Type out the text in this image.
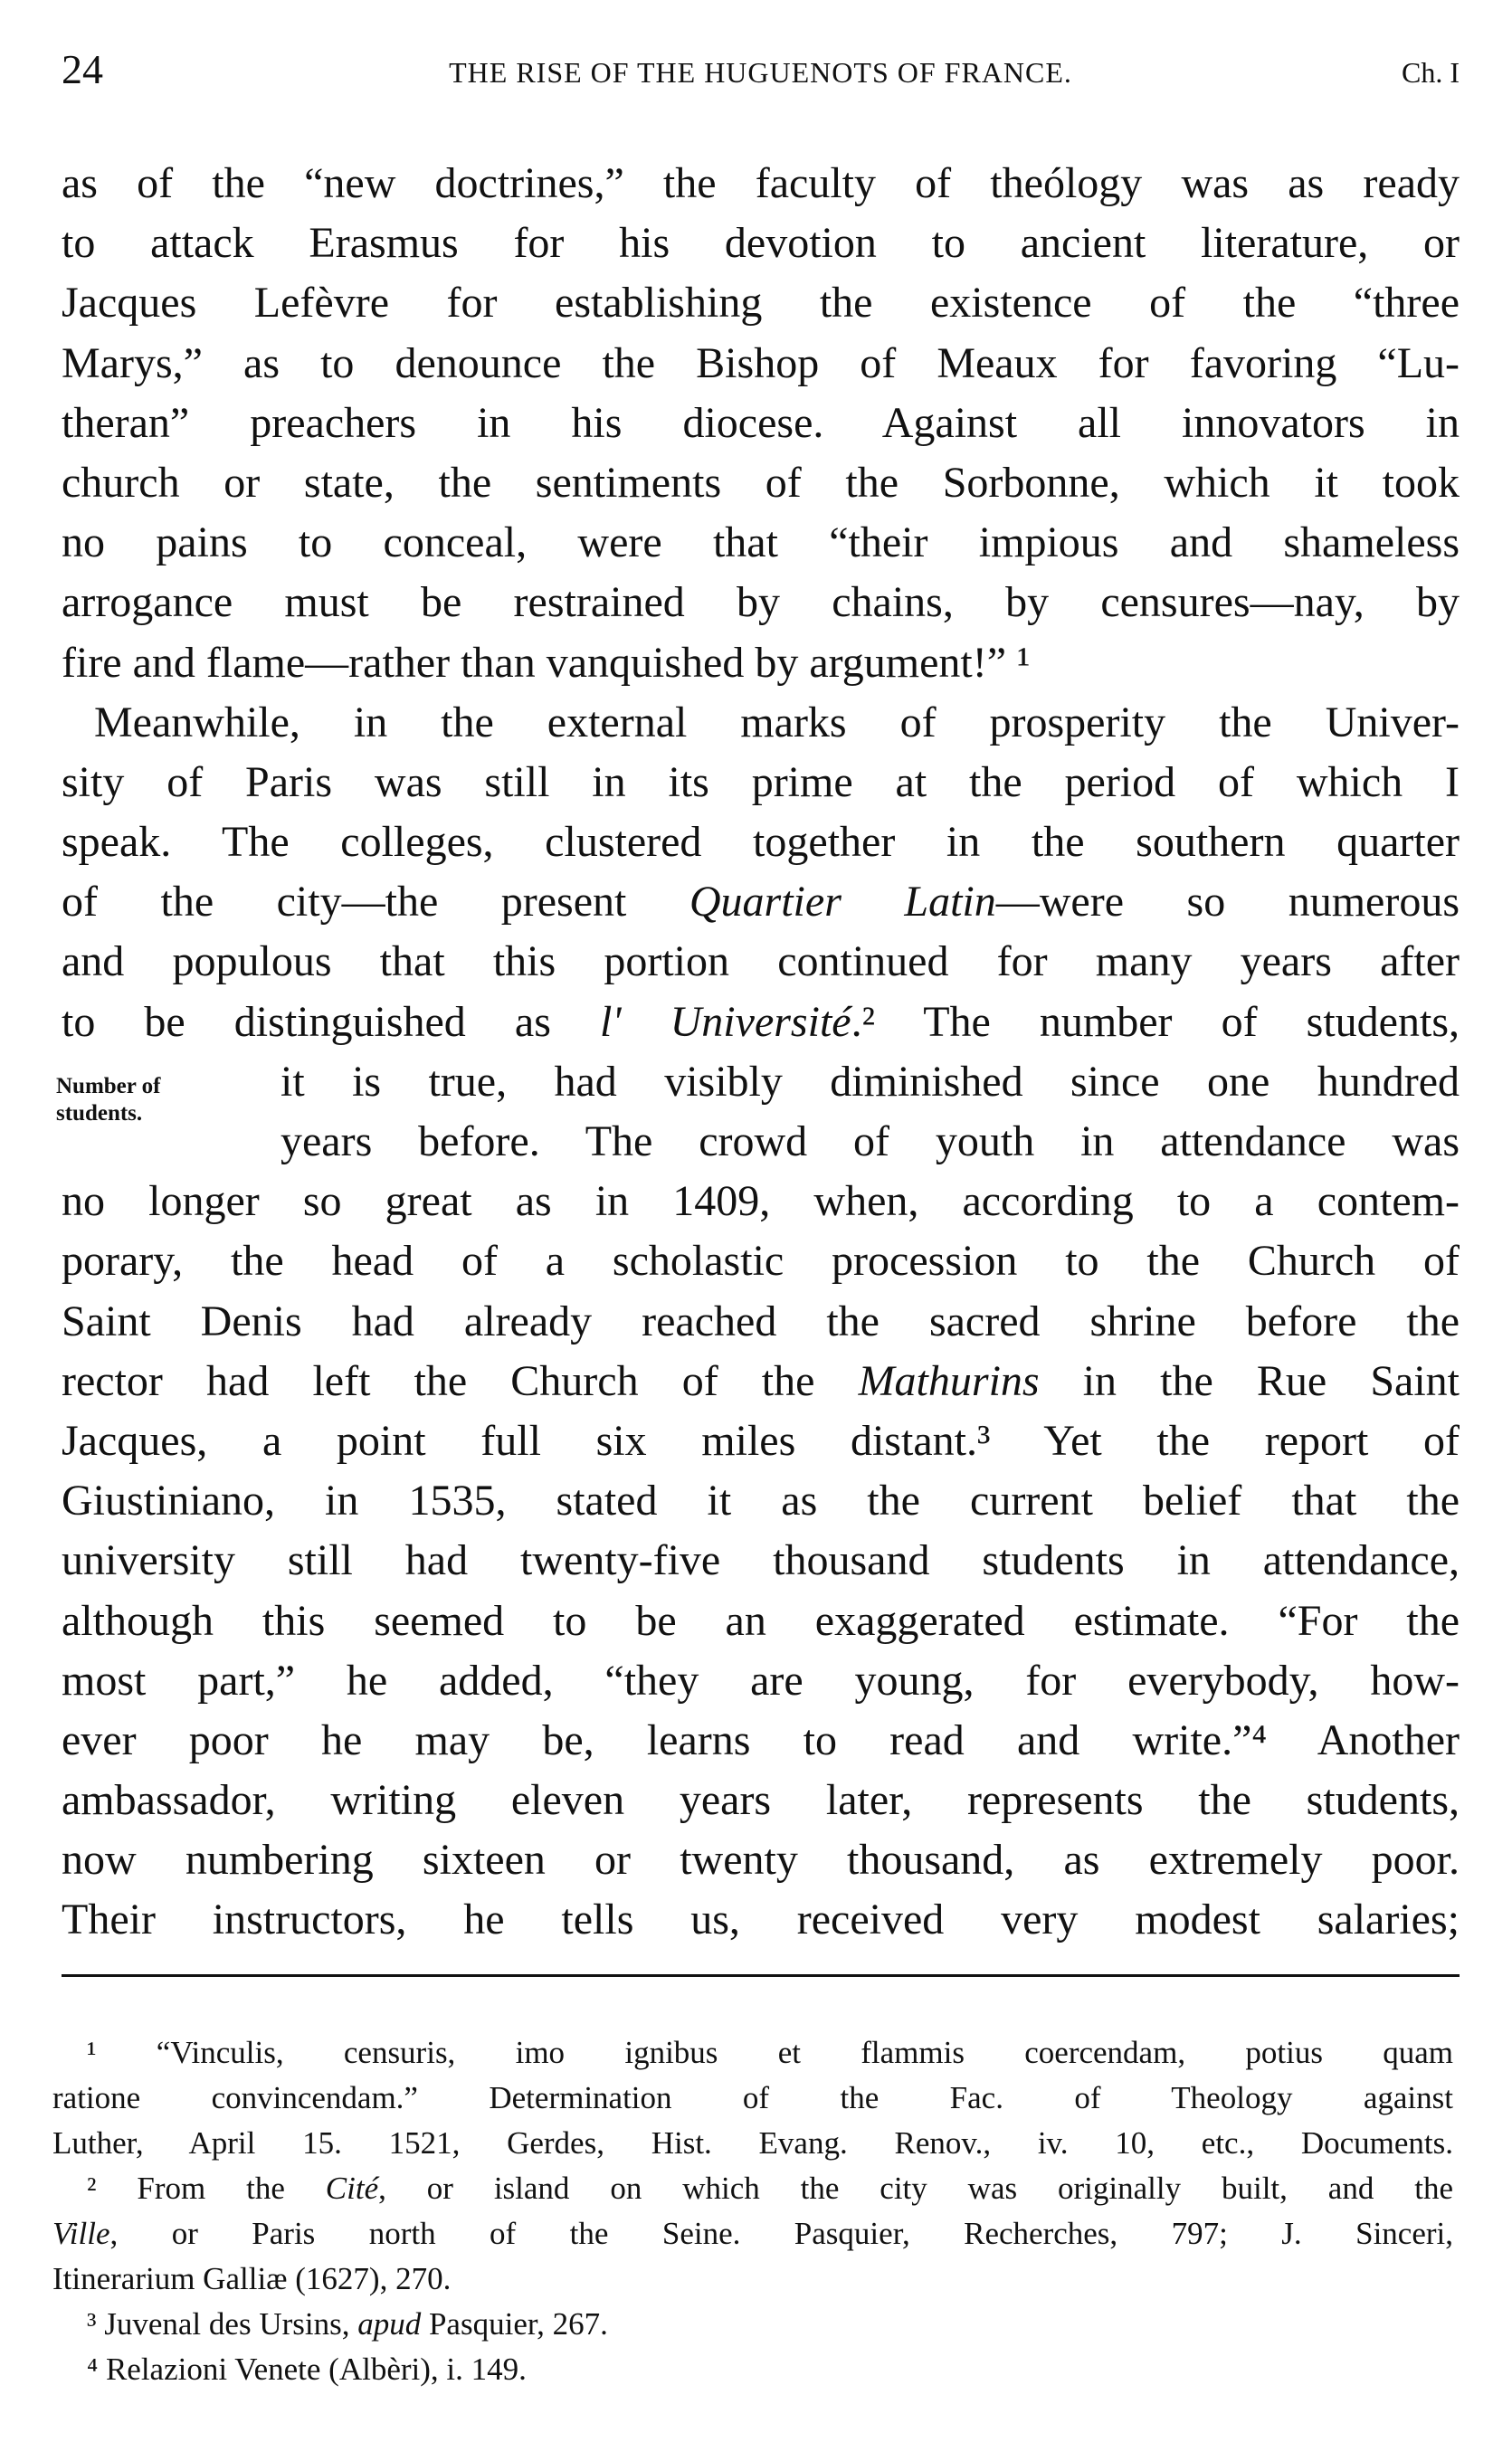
24	THE RISE OF THE HUGUENOTS OF FRANCE.	Ch. I
as of the “new doctrines,” the faculty of theólogy was as ready
to attack Erasmus for his devotion to ancient literature, or
Jacques Lefèvre for establishing the existence of the “three
Marys,” as to denounce the Bishop of Meaux for favoring “Lu-
theran” preachers in his diocese. Against all innovators in
church or state, the sentiments of the Sorbonne, which it took
no pains to conceal, were that “their impious and shameless
arrogance must be restrained by chains, by censures—nay, by
fire and flame—rather than vanquished by argument!” ¹
Meanwhile, in the external marks of prosperity the Univer-
sity of Paris was still in its prime at the period of which I
speak. The colleges, clustered together in the southern quarter
of the city—the present Quartier Latin—were so numerous
and populous that this portion continued for many years after
to be distinguished as l' Université.² The number of students,
it is true, had visibly diminished since one hundred
years before. The crowd of youth in attendance was
no longer so great as in 1409, when, according to a contem-
porary, the head of a scholastic procession to the Church of
Saint Denis had already reached the sacred shrine before the
rector had left the Church of the Mathurins in the Rue Saint
Jacques, a point full six miles distant.³ Yet the report of
Giustiniano, in 1535, stated it as the current belief that the
university still had twenty-five thousand students in attendance,
although this seemed to be an exaggerated estimate. “For the
most part,” he added, “they are young, for everybody, how-
ever poor he may be, learns to read and write.”⁴ Another
ambassador, writing eleven years later, represents the students,
now numbering sixteen or twenty thousand, as extremely poor.
Their instructors, he tells us, received very modest salaries;
Number of
students.
¹ “Vinculis, censuris, imo ignibus et flammis coercendam, potius quam
ratione convincendam.” Determination of the Fac. of Theology against
Luther, April 15. 1521, Gerdes, Hist. Evang. Renov., iv. 10, etc., Documents.
² From the Cité, or island on which the city was originally built, and the
Ville, or Paris north of the Seine. Pasquier, Recherches, 797; J. Sinceri,
Itinerarium Galliæ (1627), 270.
³ Juvenal des Ursins, apud Pasquier, 267.
⁴ Relazioni Venete (Albèri), i. 149.
